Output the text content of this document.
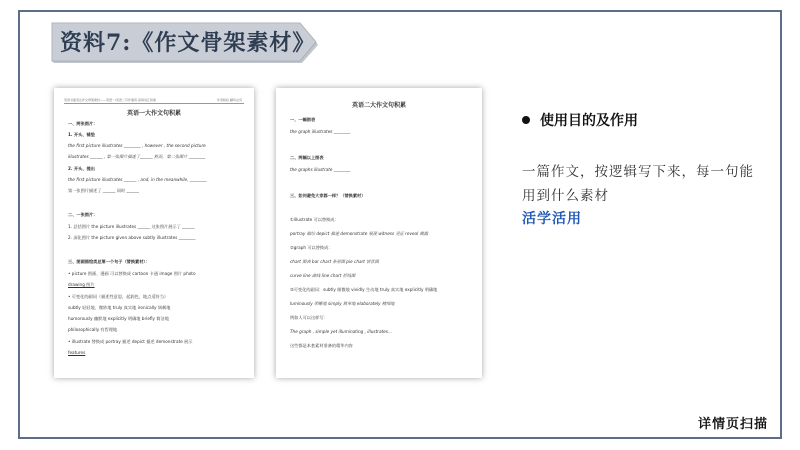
资料7:《作文骨架素材》
英语书面表达作文骨架素材——英语一/英语二写作通用·高频词汇积累	作者版权 翻印必究
英语一大作文句积累
一、两张图片：
1. 开头、铺垫
the first picture illustrates ________ , however , the second picture
illustrates ______ , 第一张图片描述了______ 然而，第二张图片 ________
2. 开头、提出
the first picture illustrates ______ , and, in the meanwhile, ________
第一张图片描述了 ______ 同时 ______
二、一张图片：
1. 总括图片 the picture illustrates ______ 这张图片展示了 ______
2. 深化图片 the picture given above subtly illustrates ________
三、图画描绘类总第一个句子（替换素材）：
• picture 图画、漫画 可以替换成 cartoon 卡通 image 图片 photo
drawing 图片
• 可变化的副词（描述性意思，起润色，地点适符当）
subtly 轻轻地、微妙地 truly 真实地 ironically 讽刺地
humorously 幽默地 explicitly 明确地 briefly 简洁地
philosophically 有哲理地
• illustrate 替换成 portray 描述 depict 描述 demonstrate 展示
features
英语二大作文句积累
一、一幅图表
the graph illustrates ________
二、两幅以上图表
the graphs illustrate ________
三、如何避免大家都一样？（替换素材）
①illustrate 可以替换成：
portray 描绘 depict 描述 demonstrate 展现 witness 见证 reveal 揭露
②graph 可以替换成：
chart 图表 bar chart 条形图 pie chart 饼状图
curve line 曲线 line chart 折线图
③可变化的副词：subtly 细微地 vividly 生动地 truly 真实地 explicitly 明确地
luminously 明晰地 simply 简单地 elaborately 精细地
例如人可以这样写：
The graph , simple yet illuminating , illustrates...
这些都是本套素材准备的精华内容
使用目的及作用
一篇作文，按逻辑写下来，每一句能用到什么素材
活学活用
详情页扫描
